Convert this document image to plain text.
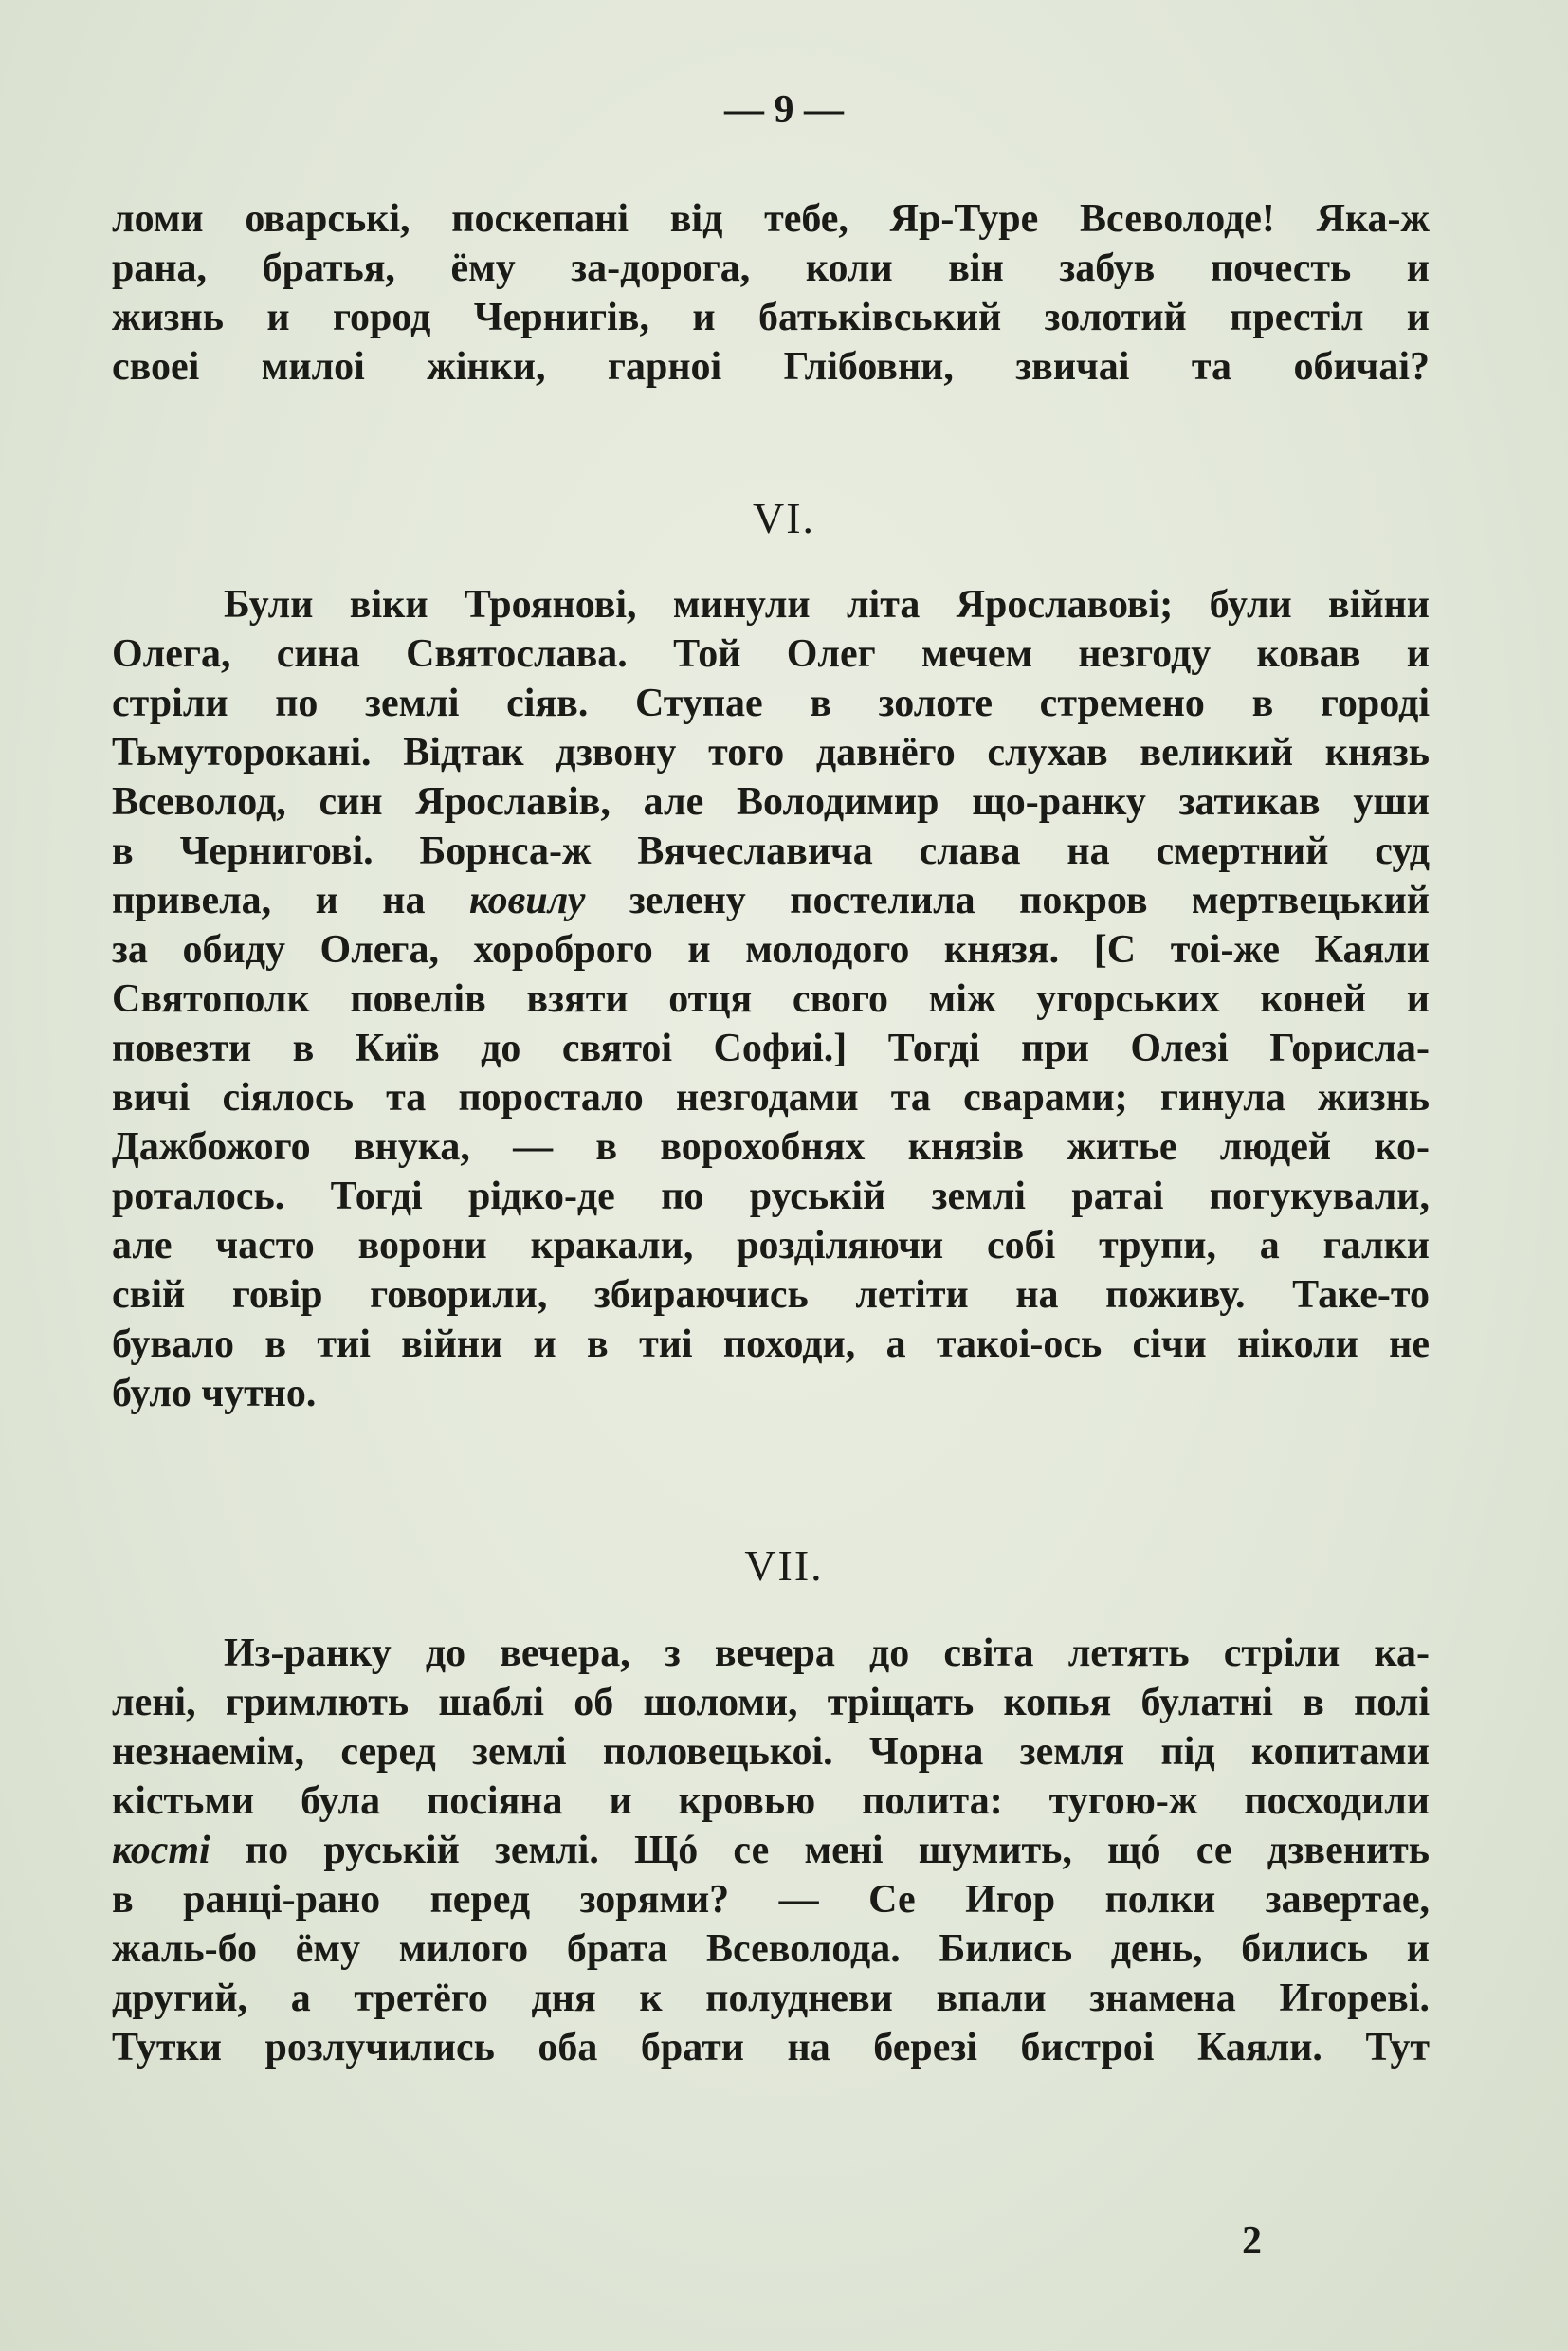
— 9 —
ломи оварські, поскепані від тебе, Яр-Туре Всеволоде! Яка-ж
рана, братья, ёму за-дорога, коли він забув почесть и
жизнь и город Чернигів, и батьківський золотий престіл и
своеі милоі жінки, гарноі Глібовни, звичаі та обичаі?
VI.
Були віки Троянові, минули літа Ярославові; були війни
Олега, сина Святослава. Той Олег мечем незгоду ковав и
стріли по землі сіяв. Ступае в золоте стремено в городі
Тьмуторокані. Відтак дзвону того давнёго слухав великий князь
Всеволод, син Ярославів, але Володимир що-ранку затикав уши
в Чернигові. Борнса-ж Вячеславича слава на смертний суд
привела, и на ковилу зелену постелила покров мертвецький
за обиду Олега, хороброго и молодого князя. [С тоі-же Каяли
Святополк повелів взяти отця свого між угорських коней и
повезти в Київ до святоі Софиі.] Тогді при Олезі Горисла-
вичі сіялось та поростало незгодами та сварами; гинула жизнь
Дажбожого внука, — в ворохобнях князів житье людей ко-
роталось. Тогді рідко-де по руській землі ратаі погукували,
але часто ворони кракали, розділяючи собі трупи, а галки
свій говір говорили, збираючись летіти на поживу. Таке-то
бувало в тиі війни и в тиі походи, а такоі-ось січи ніколи не
було чутно.
VII.
Из-ранку до вечера, з вечера до світа летять стріли ка-
лені, гримлють шаблі об шоломи, тріщать копья булатні в полі
незнаемім, серед землі половецькоі. Чорна земля під копитами
кістьми була посіяна и кровью полита: тугою-ж посходили
кості по руській землі. Щó се мені шумить, щó се дзвенить
в ранці-рано перед зорями? — Се Игор полки завертае,
жаль-бо ёму милого брата Всеволода. Бились день, бились и
другий, а третёго дня к полудневи впали знамена Игореві.
Тутки розлучились оба брати на березі бистроі Каяли. Тут
2
